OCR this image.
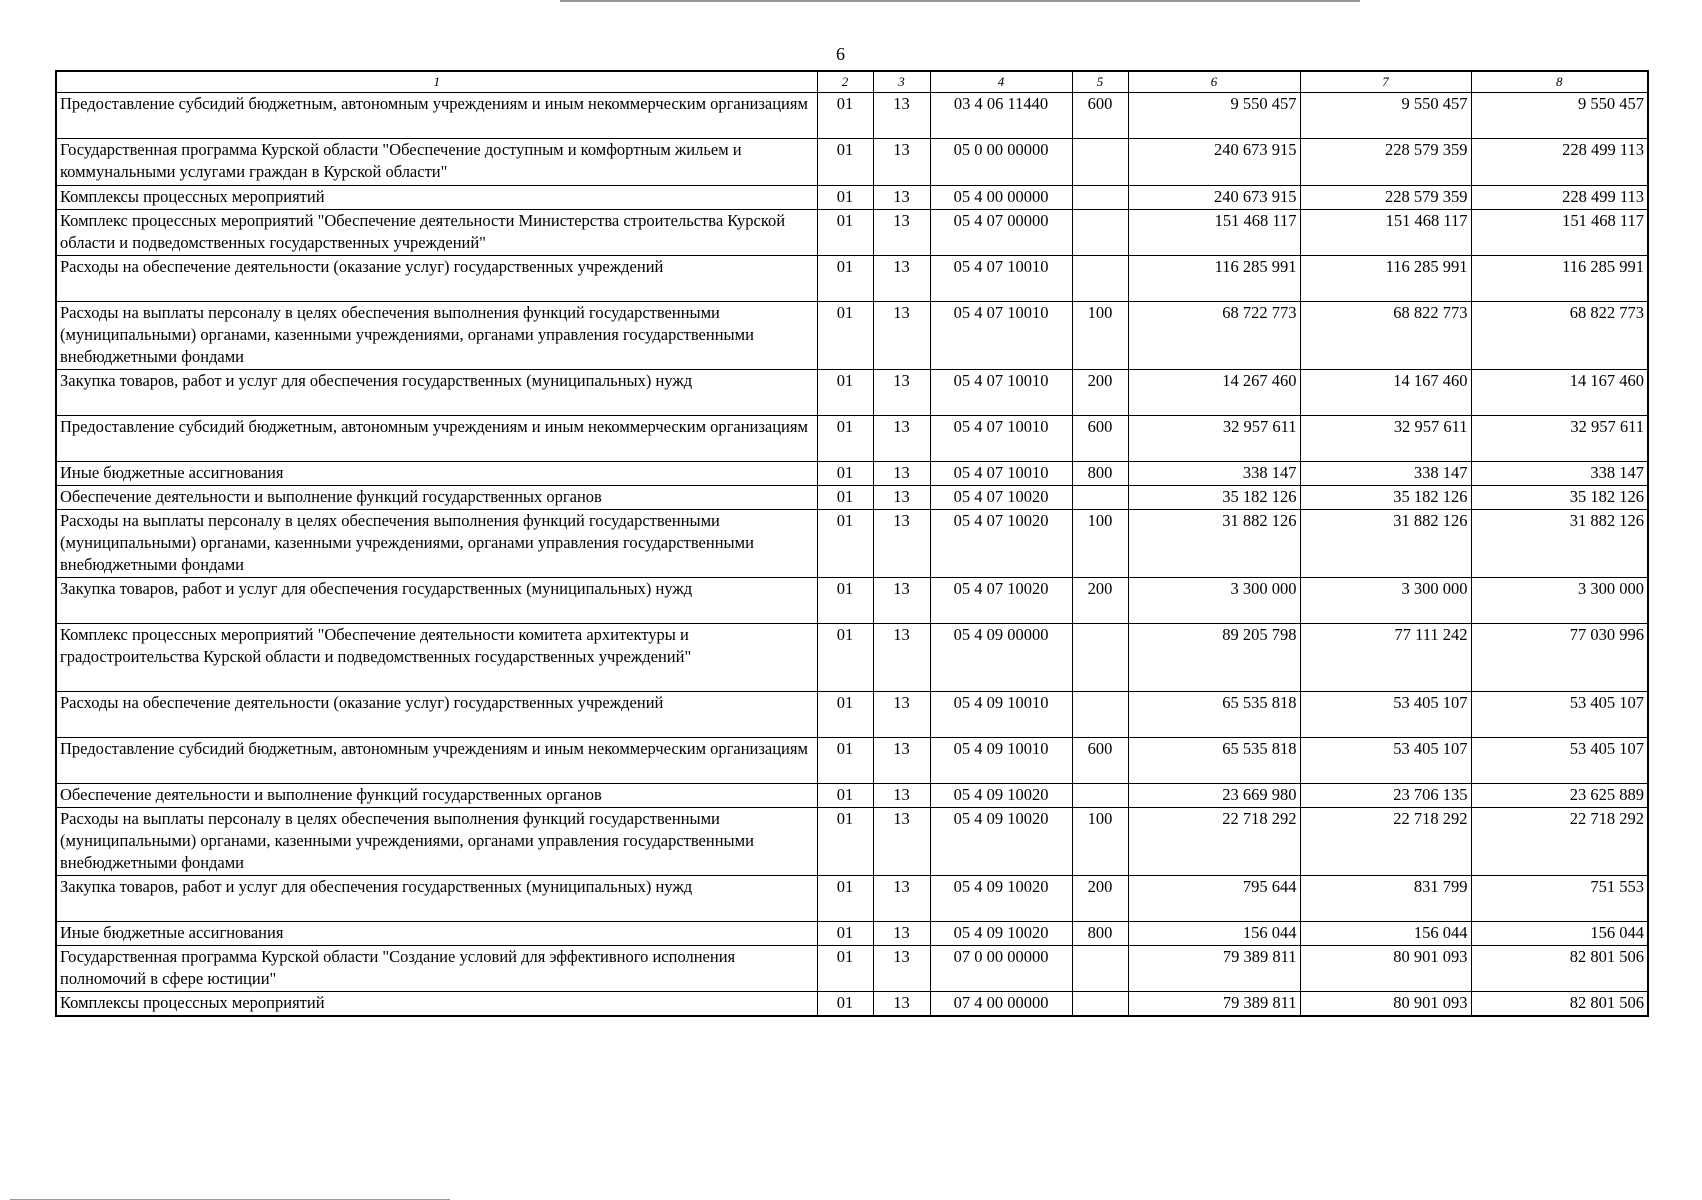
6
1	2	3	4	5	6	7	8
Предоставление субсидий бюджетным, автономным учреждениям и иным некоммерческим организациям	01	13	03 4 06 11440	600	9 550 457	9 550 457	9 550 457
Государственная программа Курской области "Обеспечение доступным и комфортным жильем и коммунальными услугами граждан в Курской области"	01	13	05 0 00 00000		240 673 915	228 579 359	228 499 113
Комплексы процессных мероприятий	01	13	05 4 00 00000		240 673 915	228 579 359	228 499 113
Комплекс процессных мероприятий "Обеспечение деятельности Министерства строительства Курской области и подведомственных государственных учреждений"	01	13	05 4 07 00000		151 468 117	151 468 117	151 468 117
Расходы на обеспечение деятельности (оказание услуг) государственных учреждений	01	13	05 4 07 10010		116 285 991	116 285 991	116 285 991
Расходы на выплаты персоналу в целях обеспечения выполнения функций государственными (муниципальными) органами, казенными учреждениями, органами управления государственными внебюджетными фондами	01	13	05 4 07 10010	100	68 722 773	68 822 773	68 822 773
Закупка товаров, работ и услуг для обеспечения государственных (муниципальных) нужд	01	13	05 4 07 10010	200	14 267 460	14 167 460	14 167 460
Предоставление субсидий бюджетным, автономным учреждениям и иным некоммерческим организациям	01	13	05 4 07 10010	600	32 957 611	32 957 611	32 957 611
Иные бюджетные ассигнования	01	13	05 4 07 10010	800	338 147	338 147	338 147
Обеспечение деятельности и выполнение функций государственных органов	01	13	05 4 07 10020		35 182 126	35 182 126	35 182 126
Расходы на выплаты персоналу в целях обеспечения выполнения функций государственными (муниципальными) органами, казенными учреждениями, органами управления государственными внебюджетными фондами	01	13	05 4 07 10020	100	31 882 126	31 882 126	31 882 126
Закупка товаров, работ и услуг для обеспечения государственных (муниципальных) нужд	01	13	05 4 07 10020	200	3 300 000	3 300 000	3 300 000
Комплекс процессных мероприятий "Обеспечение деятельности комитета архитектуры и градостроительства Курской области и подведомственных государственных учреждений"	01	13	05 4 09 00000		89 205 798	77 111 242	77 030 996
Расходы на обеспечение деятельности (оказание услуг) государственных учреждений	01	13	05 4 09 10010		65 535 818	53 405 107	53 405 107
Предоставление субсидий бюджетным, автономным учреждениям и иным некоммерческим организациям	01	13	05 4 09 10010	600	65 535 818	53 405 107	53 405 107
Обеспечение деятельности и выполнение функций государственных органов	01	13	05 4 09 10020		23 669 980	23 706 135	23 625 889
Расходы на выплаты персоналу в целях обеспечения выполнения функций государственными (муниципальными) органами, казенными учреждениями, органами управления государственными внебюджетными фондами	01	13	05 4 09 10020	100	22 718 292	22 718 292	22 718 292
Закупка товаров, работ и услуг для обеспечения государственных (муниципальных) нужд	01	13	05 4 09 10020	200	795 644	831 799	751 553
Иные бюджетные ассигнования	01	13	05 4 09 10020	800	156 044	156 044	156 044
Государственная программа Курской области "Создание условий для эффективного исполнения полномочий в сфере юстиции"	01	13	07 0 00 00000		79 389 811	80 901 093	82 801 506
Комплексы процессных мероприятий	01	13	07 4 00 00000		79 389 811	80 901 093	82 801 506
